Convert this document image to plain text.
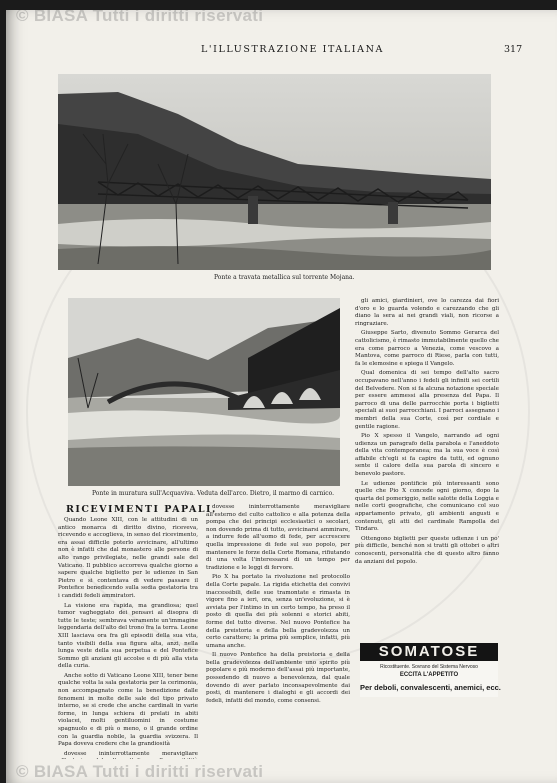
© BIASA Tutti i diritti riservati
L'ILLUSTRAZIONE ITALIANA	317
Ponte a travata metallica sul torrente Mojana.
Ponte in muratura sull'Acquaviva. Veduta dell'arco. Dietro, il marmo di carnico.
RICEVIMENTI PAPALI.

Quando Leone XIII, con le attitudini di un antico monarca di diritto divino, riceveva, ricevendo e accoglieva, in senso del ricevimento, era assai difficile poterlo avvicinare, all'ultimo non è infatti che dal monastero alle persone di alto rango privilegiate, nelle grandi sale del Vaticano. Il pubblico accorreva qualche giorno a sapere qualche biglietto per le udienze in San Pietro e si contentava di vedere passare il Pontefice benedicendo sulla sedia gestatoria tra i candidi fedeli ammiratori.

La visione era rapida, ma grandiosa; quel tumor vagheggiato dei pensavi al disopra di tutte le teste; sembrava veramente un'immagine leggendaria dell'alto del trono fra la terra. Leone XIII lasciava ora fra gli episodii della sua vita, tanto visibili della sua figura alta, anzi, nella lunga veste della sua perpetua e del Pontefice Sommo gli anziani gli accolse e di più alla vista della curia.

Anche sotto di Vaticano Leone XIII, tener bene qualche volta la sala gestatoria per la cerimonia, non accompagnato come la benedizione dalle fenomeni in molte delle sale del tipo privato interno, se si crede che anche cardinali in varie forme, in lunga schiera di prelati in abiti violacei, molti gentiluomini in costume spagnuolo e di più o meno, o il grande ordine con la guardia nobile, la guardia svizzera. Il Papa doveva credere che la grandiosità

dovesse ininterrottamente meravigliare

dovesse ininterrottamente meravigliare all'esterno del culto cattolico e alla potenza della pompa che dei principi ecclesiastici o secolari, non dovendo prima di tutto, avvicinarsi ammirare, a indurre fede all'uomo di fede, per accrescere quella impressione di fede sul suo popolo, per mantenere le forze della Corte Romana, rifiutando di una volta l'interessarsi di un tempo per tradizione e le leggi di fervore.

Pio X ha portato la rivoluzione nel protocollo della Corte papale. La rigida etichetta dei convivi inaccessibili, delle sue tramontate e rimasta in vigore fino a ieri, ora, senza un'evoluzione, si è avviata per l'intimo in un certo tempo, ha preso il posto di quella dei più solenni e storici abiti, forme del tutto diverse. Nel nuovo Pontefice ha della preistoria e della bella gradevolezza un certo carattere; la prima più semplice, infatti, più umana anche.

Il nuovo Pontefice ha della preistoria e della bella gradevolezza dell'ambiente uno spirito più popolare e più moderno dell'assai più importante, possedendo di nuovo a benevolenza, dal quale dovendo di aver parlato inconsapevolmente dai posti, di mantenere i dialoghi e gli accordi dei fedeli, infatti del mondo, come consensi.

gli amici, giardinieri, ove lo carezza dai fiori d'oro e lo guarda volendo e carezzando che gli diano la sera ai nei grandi viali, non ricorse a ringraziare.

Giuseppe Sarto, divenuto Sommo Gerarca del cattolicismo, è rimasto immutabilmente quello che era come parroco a Venezia, come vescovo a Mantova, come parroco di Riese, parla con tutti, fa le elemosine e spiega il Vangelo.

Qual domenica di sei tempo dell'alto sacro occupavano nell'anno i fedeli gli infiniti sei cortili del Belvedere. Non si fa alcuna notazione speciale per essere ammessi alla presenza del Papa. Il parroco di una delle parrocchie porta i biglietti speciali ai suoi parrocchiani. I parroci assegnano i membri della sua Corte, così per cordiale e gentile ragione.

Pio X spesso il Vangelo, narrando ad ogni udienza un paragrafo della parabola e l'aneddoto della vita contemporanea; ma la sua voce è così affabile ch'egli si fa capire da tutti, ed ognuno sente il calore della sua parola di sincero e benevolo pastore.

Le udienze pontificie più interessanti sono quelle che Pio X concede ogni giorno, dopo la quarta del pomeriggio, nelle salotte della Loggia e nelle corti geografiche, che comunicano col suo appartamento privato, gli ambienti angusti e contenuti, gli atti del cardinale Rampolla del Tindaro.

Ottengono biglietti per queste udienze i un po' più difficile, benché non si tratti gli ottobri o altri conoscenti, personalità che di questo altro fanno da anziani del popolo.

SOMATOSE
Ricostituente. Sovrano del Sistema Nervoso
ECCITA L'APPETITO
Per deboli, convalescenti, anemici, ecc.
© BIASA Tutti i diritti riservati
